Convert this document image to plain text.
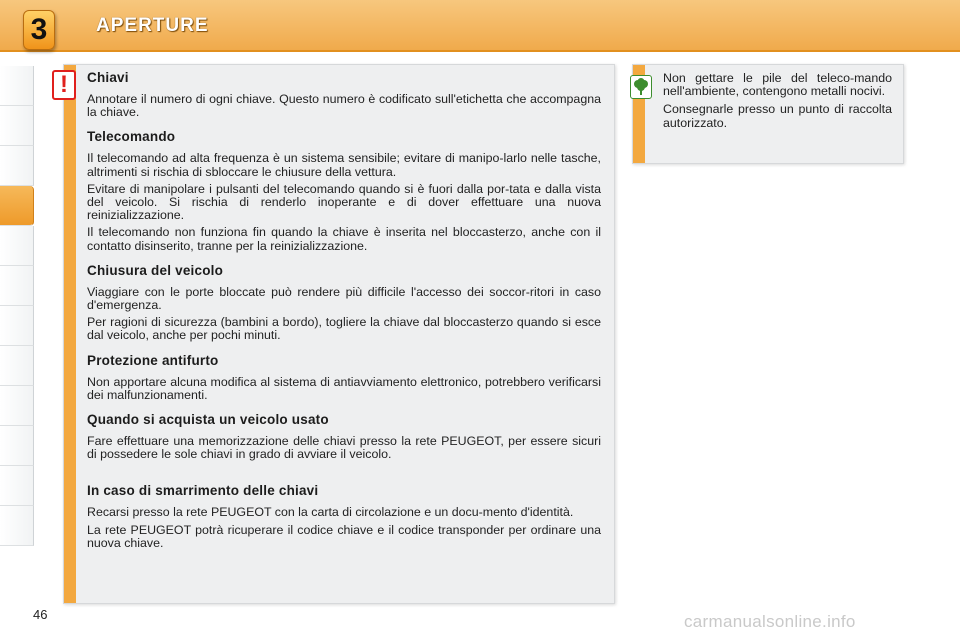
3	APERTURE
!	Chiavi

Annotare il numero di ogni chiave. Questo numero è codificato sull'etichetta che accompagna la chiave.

Telecomando

Il telecomando ad alta frequenza è un sistema sensibile; evitare di manipo-larlo nelle tasche, altrimenti si rischia di sbloccare le chiusure della vettura.

Evitare di manipolare i pulsanti del telecomando quando si è fuori dalla por-tata e dalla vista del veicolo. Si rischia di renderlo inoperante e di dover effettuare una nuova reinizializzazione.

Il telecomando non funziona fin quando la chiave è inserita nel bloccasterzo, anche con il contatto disinserito, tranne per la reinizializzazione.

Chiusura del veicolo

Viaggiare con le porte bloccate può rendere più difficile l'accesso dei soccor-ritori in caso d'emergenza.

Per ragioni di sicurezza (bambini a bordo), togliere la chiave dal bloccasterzo quando si esce dal veicolo, anche per pochi minuti.

Protezione antifurto

Non apportare alcuna modifica al sistema di antiavviamento elettronico, potrebbero verificarsi dei malfunzionamenti.

Quando si acquista un veicolo usato

Fare effettuare una memorizzazione delle chiavi presso la rete PEUGEOT, per essere sicuri di possedere le sole chiavi in grado di avviare il veicolo.

In caso di smarrimento delle chiavi

Recarsi presso la rete PEUGEOT con la carta di circolazione e un docu-mento d'identità.

La rete PEUGEOT potrà ricuperare il codice chiave e il codice transponder per ordinare una nuova chiave.

Non gettare le pile del teleco-mando nell'ambiente, contengono metalli nocivi.

Consegnarle presso un punto di raccolta autorizzato.

46	carmanualsonline.info
